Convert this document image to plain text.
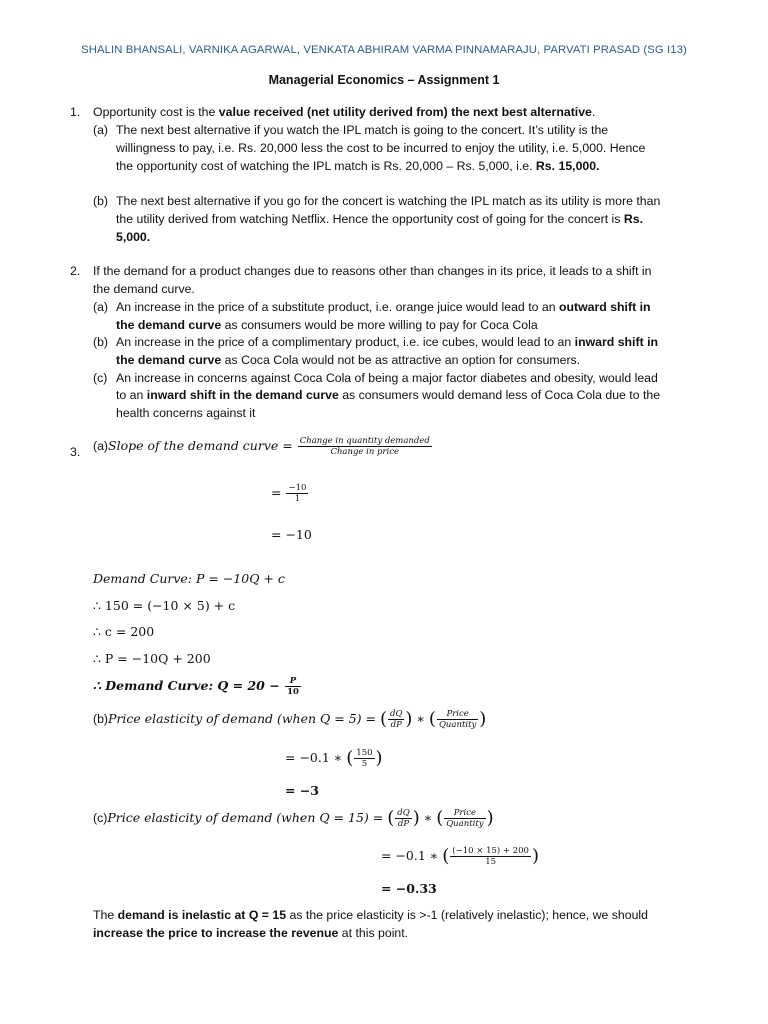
SHALIN BHANSALI, VARNIKA AGARWAL, VENKATA ABHIRAM VARMA PINNAMARAJU, PARVATI PRASAD (SG I13)
Managerial Economics – Assignment 1
1.	Opportunity cost is the value received (net utility derived from) the next best alternative.
(a) The next best alternative if you watch the IPL match is going to the concert. It’s utility is the
willingness to pay, i.e. Rs. 20,000 less the cost to be incurred to enjoy the utility, i.e. 5,000. Hence
the opportunity cost of watching the IPL match is Rs. 20,000 – Rs. 5,000, i.e. Rs. 15,000.
(b) The next best alternative if you go for the concert is watching the IPL match as its utility is more than
the utility derived from watching Netflix. Hence the opportunity cost of going for the concert is Rs.
5,000.
2.	If the demand for a product changes due to reasons other than changes in its price, it leads to a shift in
the demand curve.
(a) An increase in the price of a substitute product, i.e. orange juice would lead to an outward shift in
the demand curve as consumers would be more willing to pay for Coca Cola
(b) An increase in the price of a complimentary product, i.e. ice cubes, would lead to an inward shift in
the demand curve as Coca Cola would not be as attractive an option for consumers.
(c) An increase in concerns against Coca Cola of being a major factor diabetes and obesity, would lead
to an inward shift in the demand curve as consumers would demand less of Coca Cola due to the
health concerns against it
3.	(a)Slope of the demand curve = $\frac{\text{Change in quantity demanded}}{\text{Change in price}}$
= $\frac{-10}{1}$
= −10
Demand Curve: P = −10Q + c
∴ 150 = (−10 × 5) + c
∴ c = 200
∴ P = −10Q + 200
∴ Demand Curve: $Q = 20 - \frac{P}{10}$
(b)Price elasticity of demand (when Q = 5) = ( $\frac{dQ}{dP}$ ) ∗ ( $\frac{\text{Price}}{\text{Quantity}}$ )
= −0.1 ∗ ( $\frac{150}{5}$ )
= −3
(c)Price elasticity of demand (when Q = 15) = ( $\frac{dQ}{dP}$ ) ∗ ( $\frac{\text{Price}}{\text{Quantity}}$ )
= −0.1 ∗ ( $\frac{(-10 \times 15) + 200}{15}$ )
= −0.33
The demand is inelastic at Q = 15 as the price elasticity is >-1 (relatively inelastic); hence, we should
increase the price to increase the revenue at this point.
